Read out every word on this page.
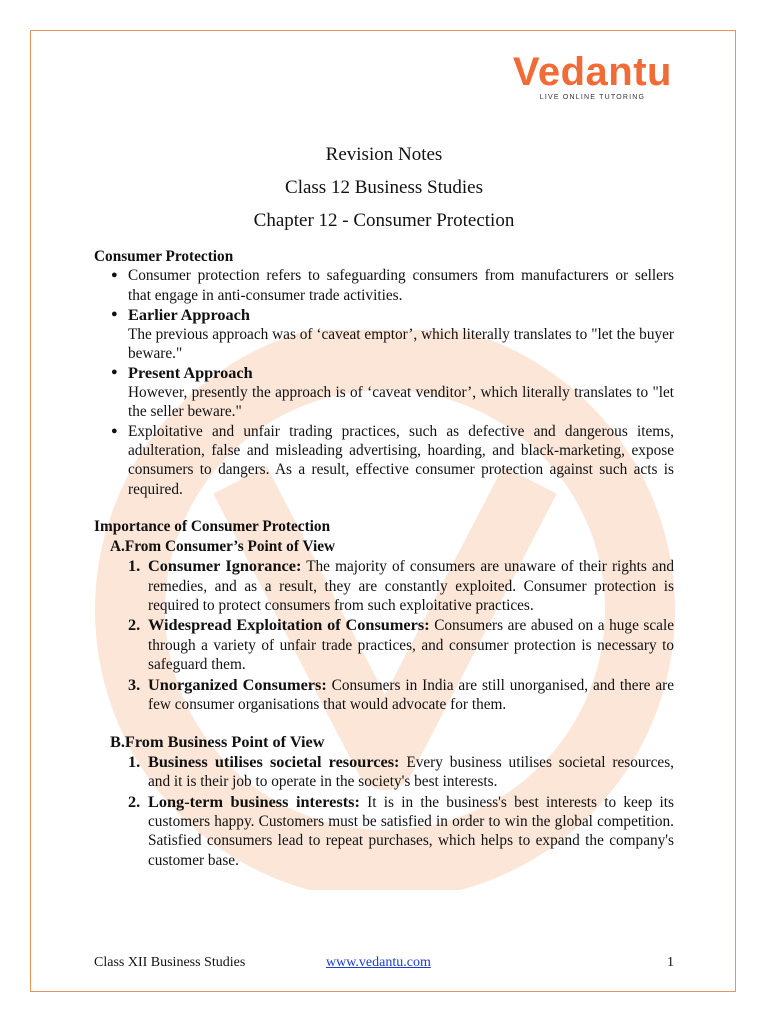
Vedantu
LIVE ONLINE TUTORING
Revision Notes
Class 12 Business Studies
Chapter 12 - Consumer Protection
Consumer Protection
● Consumer protection refers to safeguarding consumers from manufacturers or sellers that engage in anti-consumer trade activities.
● Earlier Approach
The previous approach was of ‘caveat emptor’, which literally translates to "let the buyer beware."
● Present Approach
However, presently the approach is of ‘caveat venditor’, which literally translates to "let the seller beware."
● Exploitative and unfair trading practices, such as defective and dangerous items, adulteration, false and misleading advertising, hoarding, and black-marketing, expose consumers to dangers. As a result, effective consumer protection against such acts is required.
Importance of Consumer Protection
A.From Consumer’s Point of View
1. Consumer Ignorance: The majority of consumers are unaware of their rights and remedies, and as a result, they are constantly exploited. Consumer protection is required to protect consumers from such exploitative practices.
2. Widespread Exploitation of Consumers: Consumers are abused on a huge scale through a variety of unfair trade practices, and consumer protection is necessary to safeguard them.
3. Unorganized Consumers: Consumers in India are still unorganised, and there are few consumer organisations that would advocate for them.
B.From Business Point of View
1. Business utilises societal resources: Every business utilises societal resources, and it is their job to operate in the society's best interests.
2. Long-term business interests: It is in the business's best interests to keep its customers happy. Customers must be satisfied in order to win the global competition. Satisfied consumers lead to repeat purchases, which helps to expand the company's customer base.
Class XII Business Studies	www.vedantu.com	1
